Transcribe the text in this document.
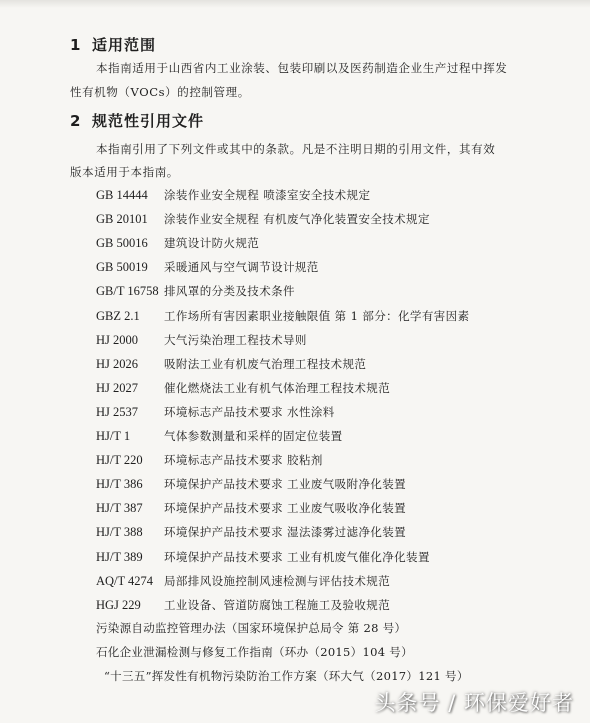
1 适用范围
本指南适用于山西省内工业涂装、包装印刷以及医药制造企业生产过程中挥发
性有机物（VOCs）的控制管理。
2 规范性引用文件
本指南引用了下列文件或其中的条款。凡是不注明日期的引用文件，其有效
版本适用于本指南。
GB 14444 涂装作业安全规程 喷漆室安全技术规定
GB 20101 涂装作业安全规程 有机废气净化装置安全技术规定
GB 50016 建筑设计防火规范
GB 50019 采暖通风与空气调节设计规范
GB/T 16758 排风罩的分类及技术条件
GBZ 2.1 工作场所有害因素职业接触限值 第 1 部分：化学有害因素
HJ 2000 大气污染治理工程技术导则
HJ 2026 吸附法工业有机废气治理工程技术规范
HJ 2027 催化燃烧法工业有机气体治理工程技术规范
HJ 2537 环境标志产品技术要求 水性涂料
HJ/T 1	气体参数测量和采样的固定位装置
HJ/T 220 环境标志产品技术要求 胶粘剂
HJ/T 386 环境保护产品技术要求 工业废气吸附净化装置
HJ/T 387 环境保护产品技术要求 工业废气吸收净化装置
HJ/T 388 环境保护产品技术要求 湿法漆雾过滤净化装置
HJ/T 389 环境保护产品技术要求 工业有机废气催化净化装置
AQ/T 4274 局部排风设施控制风速检测与评估技术规范
HGJ 229 工业设备、管道防腐蚀工程施工及验收规范
污染源自动监控管理办法（国家环境保护总局令 第 28 号）
石化企业泄漏检测与修复工作指南（环办（2015）104 号）
“十三五”挥发性有机物污染防治工作方案（环大气（2017）121 号）
头条号 / 环保爱好者
